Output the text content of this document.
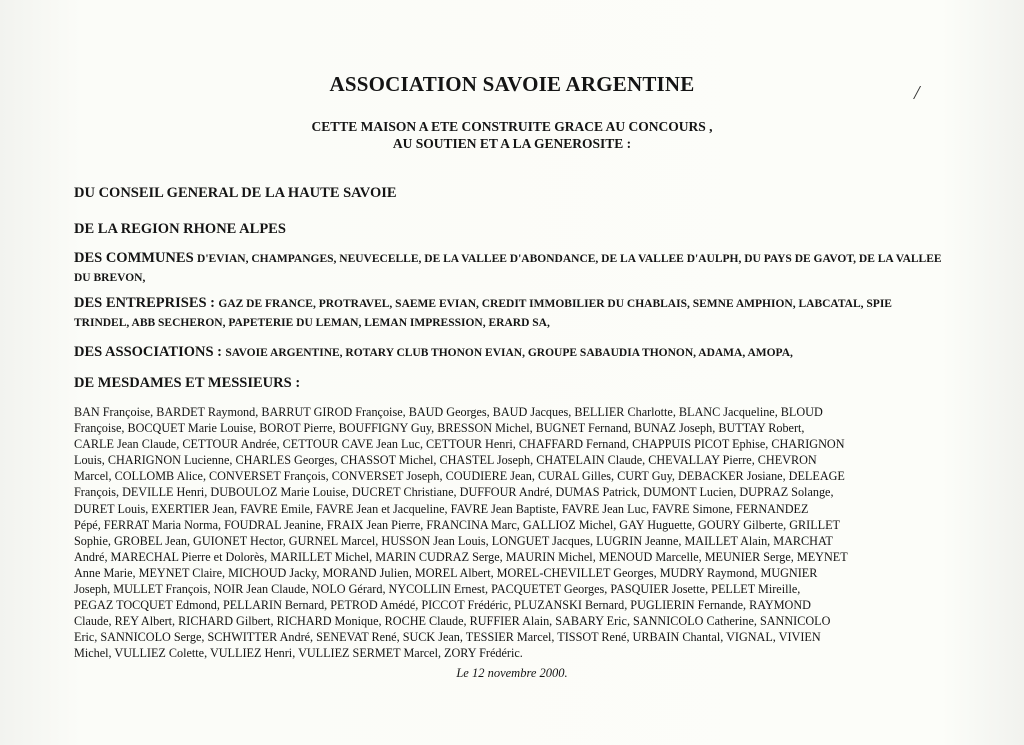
/
ASSOCIATION SAVOIE ARGENTINE
CETTE MAISON A ETE CONSTRUITE GRACE AU CONCOURS ,
AU SOUTIEN ET A LA GENEROSITE :
DU CONSEIL GENERAL DE LA HAUTE SAVOIE
DE LA REGION RHONE ALPES
DES COMMUNES D'EVIAN, CHAMPANGES, NEUVECELLE, DE LA VALLEE D'ABONDANCE, DE LA VALLEE D'AULPH, DU PAYS DE GAVOT, DE LA VALLEE DU BREVON,
DES ENTREPRISES : GAZ DE FRANCE, PROTRAVEL, SAEME EVIAN, CREDIT IMMOBILIER DU CHABLAIS, SEMNE AMPHION, LABCATAL, SPIE TRINDEL, ABB SECHERON, PAPETERIE DU LEMAN, LEMAN IMPRESSION, ERARD SA,
DES ASSOCIATIONS : SAVOIE ARGENTINE, ROTARY CLUB THONON EVIAN, GROUPE SABAUDIA THONON, ADAMA, AMOPA,
DE MESDAMES ET MESSIEURS :
BAN Françoise, BARDET Raymond, BARRUT GIROD Françoise, BAUD Georges, BAUD Jacques, BELLIER Charlotte, BLANC Jacqueline, BLOUD
Françoise, BOCQUET Marie Louise, BOROT Pierre, BOUFFIGNY Guy, BRESSON Michel, BUGNET Fernand, BUNAZ Joseph, BUTTAY Robert,
CARLE Jean Claude, CETTOUR Andrée, CETTOUR CAVE Jean Luc, CETTOUR Henri, CHAFFARD Fernand, CHAPPUIS PICOT Ephise, CHARIGNON
Louis, CHARIGNON Lucienne, CHARLES Georges, CHASSOT Michel, CHASTEL Joseph, CHATELAIN Claude, CHEVALLAY Pierre, CHEVRON
Marcel, COLLOMB Alice, CONVERSET François, CONVERSET Joseph, COUDIERE Jean, CURAL Gilles, CURT Guy, DEBACKER Josiane, DELEAGE
François, DEVILLE Henri, DUBOULOZ Marie Louise, DUCRET Christiane, DUFFOUR André, DUMAS Patrick, DUMONT Lucien, DUPRAZ Solange,
DURET Louis, EXERTIER Jean, FAVRE Emile, FAVRE Jean et Jacqueline, FAVRE Jean Baptiste, FAVRE Jean Luc, FAVRE Simone, FERNANDEZ
Pépé, FERRAT Maria Norma, FOUDRAL Jeanine, FRAIX Jean Pierre, FRANCINA Marc, GALLIOZ Michel, GAY Huguette, GOURY Gilberte, GRILLET
Sophie, GROBEL Jean, GUIONET Hector, GURNEL Marcel, HUSSON Jean Louis, LONGUET Jacques, LUGRIN Jeanne, MAILLET Alain, MARCHAT
André, MARECHAL Pierre et Dolorès, MARILLET Michel, MARIN CUDRAZ Serge, MAURIN Michel, MENOUD Marcelle, MEUNIER Serge, MEYNET
Anne Marie, MEYNET Claire, MICHOUD Jacky, MORAND Julien, MOREL Albert, MOREL-CHEVILLET Georges, MUDRY Raymond, MUGNIER
Joseph, MULLET François, NOIR Jean Claude, NOLO Gérard, NYCOLLIN Ernest, PACQUETET Georges, PASQUIER Josette, PELLET Mireille,
PEGAZ TOCQUET Edmond, PELLARIN Bernard, PETROD Amédé, PICCOT Frédéric, PLUZANSKI Bernard, PUGLIERIN Fernande, RAYMOND
Claude, REY Albert, RICHARD Gilbert, RICHARD Monique, ROCHE Claude, RUFFIER Alain, SABARY Eric, SANNICOLO Catherine, SANNICOLO
Eric, SANNICOLO Serge, SCHWITTER André, SENEVAT René, SUCK Jean, TESSIER Marcel, TISSOT René, URBAIN Chantal, VIGNAL, VIVIEN
Michel, VULLIEZ Colette, VULLIEZ Henri, VULLIEZ SERMET Marcel, ZORY Frédéric.
Le 12 novembre 2000.
